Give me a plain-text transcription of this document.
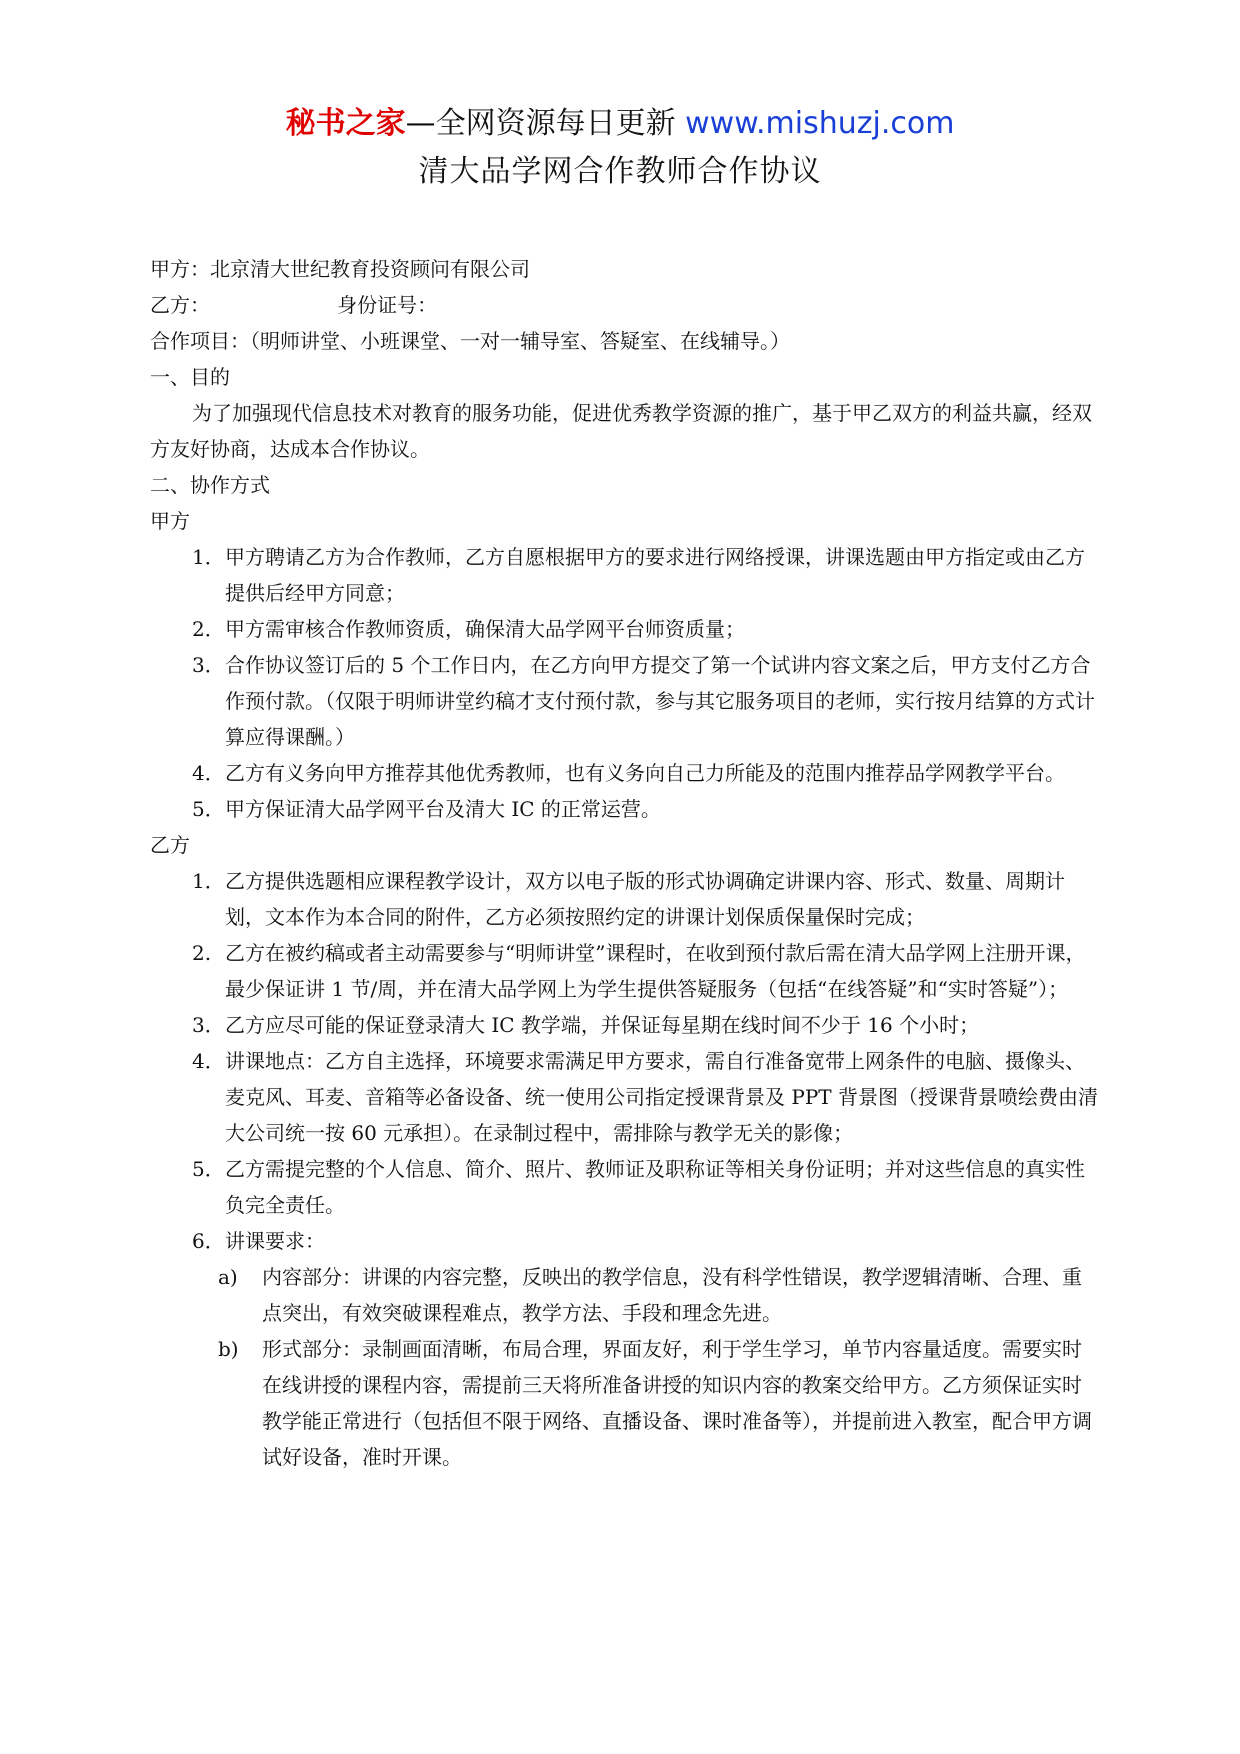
秘书之家—全网资源每日更新 www.mishuzj.com
清大品学网合作教师合作协议
甲方：北京清大世纪教育投资顾问有限公司
乙方：                    身份证号：
合作项目：（明师讲堂、小班课堂、一对一辅导室、答疑室、在线辅导。）
一、目的
为了加强现代信息技术对教育的服务功能，促进优秀教学资源的推广，基于甲乙双方的利益共赢，经双方友好协商，达成本合作协议。
二、协作方式
甲方
1． 甲方聘请乙方为合作教师，乙方自愿根据甲方的要求进行网络授课，讲课选题由甲方指定或由乙方提供后经甲方同意；
2． 甲方需审核合作教师资质，确保清大品学网平台师资质量；
3． 合作协议签订后的 5 个工作日内，在乙方向甲方提交了第一个试讲内容文案之后，甲方支付乙方合作预付款。（仅限于明师讲堂约稿才支付预付款，参与其它服务项目的老师，实行按月结算的方式计算应得课酬。）
4． 乙方有义务向甲方推荐其他优秀教师，也有义务向自己力所能及的范围内推荐品学网教学平台。
5． 甲方保证清大品学网平台及清大 IC 的正常运营。
乙方
1． 乙方提供选题相应课程教学设计，双方以电子版的形式协调确定讲课内容、形式、数量、周期计划，文本作为本合同的附件，乙方必须按照约定的讲课计划保质保量保时完成；
2. 乙方在被约稿或者主动需要参与“明师讲堂”课程时，在收到预付款后需在清大品学网上注册开课，最少保证讲 1 节/周，并在清大品学网上为学生提供答疑服务（包括“在线答疑”和“实时答疑”）；
3． 乙方应尽可能的保证登录清大 IC 教学端，并保证每星期在线时间不少于 16 个小时；
4． 讲课地点：乙方自主选择，环境要求需满足甲方要求，需自行准备宽带上网条件的电脑、摄像头、麦克风、耳麦、音箱等必备设备、统一使用公司指定授课背景及 PPT 背景图（授课背景喷绘费由清大公司统一按 60 元承担）。在录制过程中，需排除与教学无关的影像；
5． 乙方需提完整的个人信息、简介、照片、教师证及职称证等相关身份证明；并对这些信息的真实性负完全责任。
6． 讲课要求：
a) 内容部分：讲课的内容完整，反映出的教学信息，没有科学性错误，教学逻辑清晰、合理、重点突出，有效突破课程难点，教学方法、手段和理念先进。
b) 形式部分：录制画面清晰，布局合理，界面友好，利于学生学习，单节内容量适度。需要实时在线讲授的课程内容，需提前三天将所准备讲授的知识内容的教案交给甲方。乙方须保证实时教学能正常进行（包括但不限于网络、直播设备、课时准备等），并提前进入教室，配合甲方调试好设备，准时开课。
